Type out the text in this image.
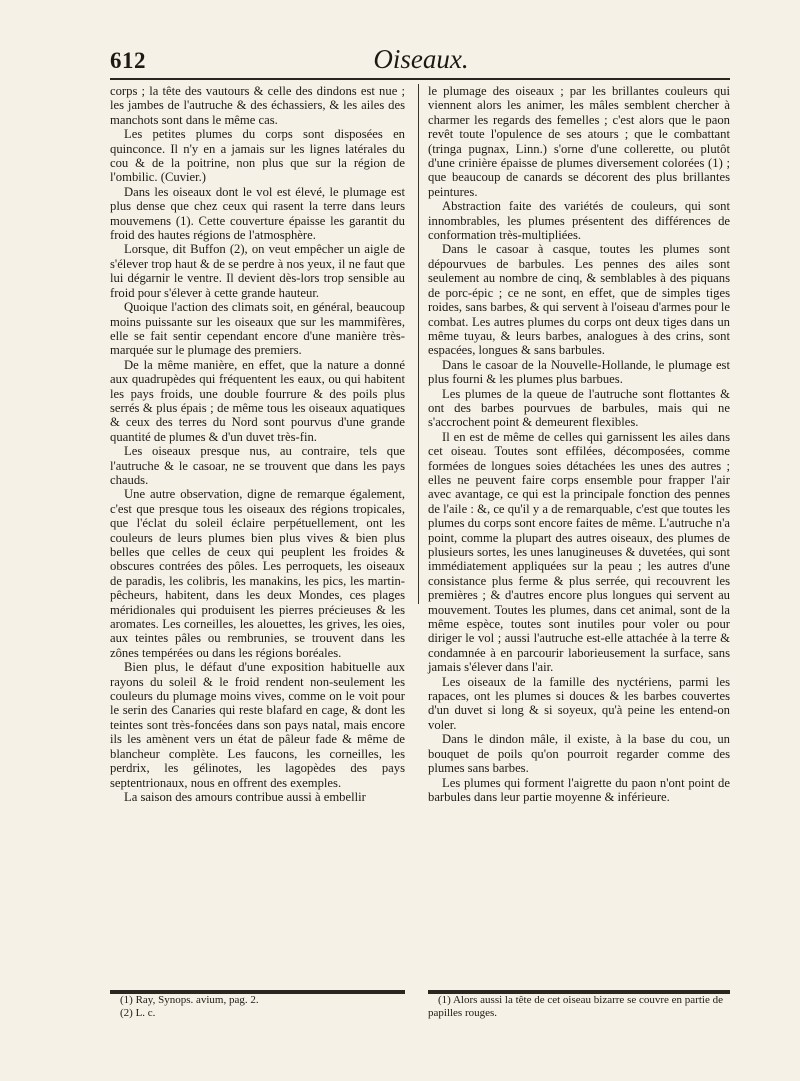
612	Oiseaux.

corps ; la tête des vautours & celle des dindons est nue ; les jambes de l'autruche & des échassiers, & les ailes des manchots sont dans le même cas.

Les petites plumes du corps sont disposées en quinconce. Il n'y en a jamais sur les lignes latérales du cou & de la poitrine, non plus que sur la région de l'ombilic. (Cuvier.)

Dans les oiseaux dont le vol est élevé, le plumage est plus dense que chez ceux qui rasent la terre dans leurs mouvemens (1). Cette couverture épaisse les garantit du froid des hautes régions de l'atmosphère.

Lorsque, dit Buffon (2), on veut empêcher un aigle de s'élever trop haut & de se perdre à nos yeux, il ne faut que lui dégarnir le ventre. Il devient dès-lors trop sensible au froid pour s'élever à cette grande hauteur.

Quoique l'action des climats soit, en général, beaucoup moins puissante sur les oiseaux que sur les mammifères, elle se fait sentir cependant encore d'une manière très-marquée sur le plumage des premiers.

De la même manière, en effet, que la nature a donné aux quadrupèdes qui fréquentent les eaux, ou qui habitent les pays froids, une double fourrure & des poils plus serrés & plus épais ; de même tous les oiseaux aquatiques & ceux des terres du Nord sont pourvus d'une grande quantité de plumes & d'un duvet très-fin.

Les oiseaux presque nus, au contraire, tels que l'autruche & le casoar, ne se trouvent que dans les pays chauds.

Une autre observation, digne de remarque également, c'est que presque tous les oiseaux des régions tropicales, que l'éclat du soleil éclaire perpétuellement, ont les couleurs de leurs plumes bien plus vives & bien plus belles que celles de ceux qui peuplent les froides & obscures contrées des pôles. Les perroquets, les oiseaux de paradis, les colibris, les manakins, les pics, les martin-pêcheurs, habitent, dans les deux Mondes, ces plages méridionales qui produisent les pierres précieuses & les aromates. Les corneilles, les alouettes, les grives, les oies, aux teintes pâles ou rembrunies, se trouvent dans les zônes tempérées ou dans les régions boréales.

Bien plus, le défaut d'une exposition habituelle aux rayons du soleil & le froid rendent non-seulement les couleurs du plumage moins vives, comme on le voit pour le serin des Canaries qui reste blafard en cage, & dont les teintes sont très-foncées dans son pays natal, mais encore ils les amènent vers un état de pâleur fade & même de blancheur complète. Les faucons, les corneilles, les perdrix, les gélinotes, les lagopèdes des pays septentrionaux, nous en offrent des exemples.

La saison des amours contribue aussi à embellir

le plumage des oiseaux ; par les brillantes couleurs qui viennent alors les animer, les mâles semblent chercher à charmer les regards des femelles ; c'est alors que le paon revêt toute l'opulence de ses atours ; que le combattant (tringa pugnax, Linn.) s'orne d'une collerette, ou plutôt d'une crinière épaisse de plumes diversement colorées (1) ; que beaucoup de canards se décorent des plus brillantes peintures.

Abstraction faite des variétés de couleurs, qui sont innombrables, les plumes présentent des différences de conformation très-multipliées.

Dans le casoar à casque, toutes les plumes sont dépourvues de barbules. Les pennes des ailes sont seulement au nombre de cinq, & semblables à des piquans de porc-épic ; ce ne sont, en effet, que de simples tiges roides, sans barbes, & qui servent à l'oiseau d'armes pour le combat. Les autres plumes du corps ont deux tiges dans un même tuyau, & leurs barbes, analogues à des crins, sont espacées, longues & sans barbules.

Dans le casoar de la Nouvelle-Hollande, le plumage est plus fourni & les plumes plus barbues.

Les plumes de la queue de l'autruche sont flottantes & ont des barbes pourvues de barbules, mais qui ne s'accrochent point & demeurent flexibles.

Il en est de même de celles qui garnissent les ailes dans cet oiseau. Toutes sont effilées, décomposées, comme formées de longues soies détachées les unes des autres ; elles ne peuvent faire corps ensemble pour frapper l'air avec avantage, ce qui est la principale fonction des pennes de l'aile : &, ce qu'il y a de remarquable, c'est que toutes les plumes du corps sont encore faites de même. L'autruche n'a point, comme la plupart des autres oiseaux, des plumes de plusieurs sortes, les unes lanugineuses & duvetées, qui sont immédiatement appliquées sur la peau ; les autres d'une consistance plus ferme & plus serrée, qui recouvrent les premières ; & d'autres encore plus longues qui servent au mouvement. Toutes les plumes, dans cet animal, sont de la même espèce, toutes sont inutiles pour voler ou pour diriger le vol ; aussi l'autruche est-elle attachée à la terre & condamnée à en parcourir laborieusement la surface, sans jamais s'élever dans l'air.

Les oiseaux de la famille des nyctériens, parmi les rapaces, ont les plumes si douces & les barbes couvertes d'un duvet si long & si soyeux, qu'à peine les entend-on voler.

Dans le dindon mâle, il existe, à la base du cou, un bouquet de poils qu'on pourroit regarder comme des plumes sans barbes.

Les plumes qui forment l'aigrette du paon n'ont point de barbules dans leur partie moyenne & inférieure.

(1) Ray, Synops. avium, pag. 2.
(2) L. c.
(1) Alors aussi la tête de cet oiseau bizarre se couvre en partie de papilles rouges.
